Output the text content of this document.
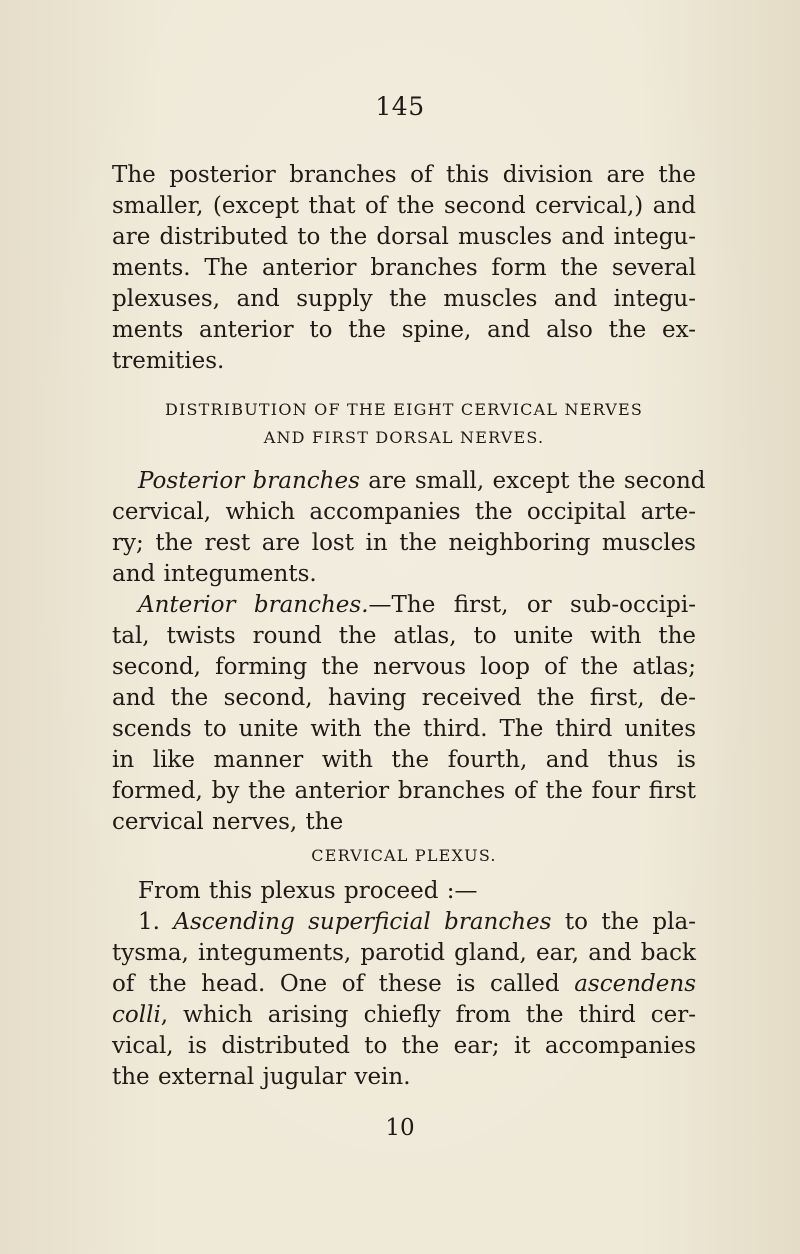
145
The posterior branches of this division are the
smaller, (except that of the second cervical,) and
are distributed to the dorsal muscles and integu-
ments. The anterior branches form the several
plexuses, and supply the muscles and integu-
ments anterior to the spine, and also the ex-
tremities.
DISTRIBUTION OF THE EIGHT CERVICAL NERVES
AND FIRST DORSAL NERVES.
Posterior branches are small, except the second
cervical, which accompanies the occipital arte-
ry; the rest are lost in the neighboring muscles
and integuments.
Anterior branches.—The first, or sub-occipi-
tal, twists round the atlas, to unite with the
second, forming the nervous loop of the atlas;
and the second, having received the first, de-
scends to unite with the third. The third unites
in like manner with the fourth, and thus is
formed, by the anterior branches of the four first
cervical nerves, the
CERVICAL PLEXUS.
From this plexus proceed :—
1. Ascending superficial branches to the pla-
tysma, integuments, parotid gland, ear, and back
of the head. One of these is called ascendens
colli, which arising chiefly from the third cer-
vical, is distributed to the ear; it accompanies
the external jugular vein.
10
